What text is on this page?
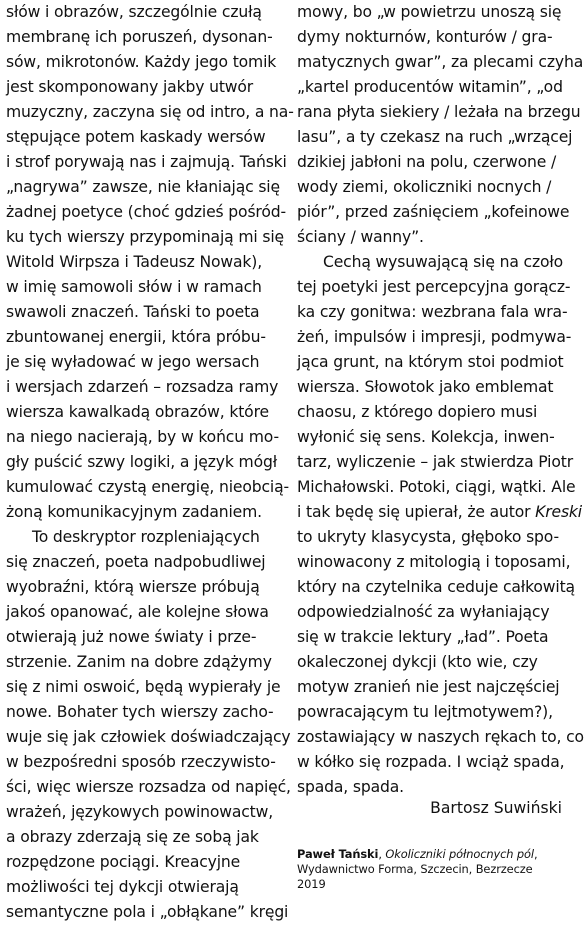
słów i obrazów, szczególnie czułą
membranę ich poruszeń, dysonan-
sów, mikrotonów. Każdy jego tomik
jest skomponowany jakby utwór
muzyczny, zaczyna się od intro, a na-
stępujące potem kaskady wersów
i strof porywają nas i zajmują. Tański
„nagrywa” zawsze, nie kłaniając się
żadnej poetyce (choć gdzieś pośród-
ku tych wierszy przypominają mi się
Witold Wirpsza i Tadeusz Nowak),
w imię samowoli słów i w ramach
swawoli znaczeń. Tański to poeta
zbuntowanej energii, która próbu-
je się wyładować w jego wersach
i wersjach zdarzeń – rozsadza ramy
wiersza kawalkadą obrazów, które
na niego nacierają, by w końcu mo-
gły puścić szwy logiki, a język mógł
kumulować czystą energię, nieobcią-
żoną komunikacyjnym zadaniem.
To deskryptor rozpleniających
się znaczeń, poeta nadpobudliwej
wyobraźni, którą wiersze próbują
jakoś opanować, ale kolejne słowa
otwierają już nowe światy i prze-
strzenie. Zanim na dobre zdążymy
się z nimi oswoić, będą wypierały je
nowe. Bohater tych wierszy zacho-
wuje się jak człowiek doświadczający
w bezpośredni sposób rzeczywisto-
ści, więc wiersze rozsadza od napięć,
wrażeń, językowych powinowactw,
a obrazy zderzają się ze sobą jak
rozpędzone pociągi. Kreacyjne
możliwości tej dykcji otwierają
semantyczne pola i „obłąkane” kręgi
mowy, bo „w powietrzu unoszą się
dymy nokturnów, konturów / gra-
matycznych gwar”, za plecami czyha
„kartel producentów witamin”, „od
rana płyta siekiery / leżała na brzegu
lasu”, a ty czekasz na ruch „wrzącej
dzikiej jabłoni na polu, czerwone /
wody ziemi, okoliczniki nocnych /
piór”, przed zaśnięciem „kofeinowe
ściany / wanny”.
Cechą wysuwającą się na czoło
tej poetyki jest percepcyjna gorącz-
ka czy gonitwa: wezbrana fala wra-
żeń, impulsów i impresji, podmywa-
jąca grunt, na którym stoi podmiot
wiersza. Słowotok jako emblemat
chaosu, z którego dopiero musi
wyłonić się sens. Kolekcja, inwen-
tarz, wyliczenie – jak stwierdza Piotr
Michałowski. Potoki, ciągi, wątki. Ale
i tak będę się upierał, że autor Kreski
to ukryty klasycysta, głęboko spo-
winowacony z mitologią i toposami,
który na czytelnika ceduje całkowitą
odpowiedzialność za wyłaniający
się w trakcie lektury „ład”. Poeta
okaleczonej dykcji (kto wie, czy
motyw zranień nie jest najczęściej
powracającym tu lejtmotywem?),
zostawiający w naszych rękach to, co
w kółko się rozpada. I wciąż spada,
spada, spada.
Bartosz Suwiński
Paweł Tański, Okoliczniki północnych pól,
Wydawnictwo Forma, Szczecin, Bezrzecze
2019
